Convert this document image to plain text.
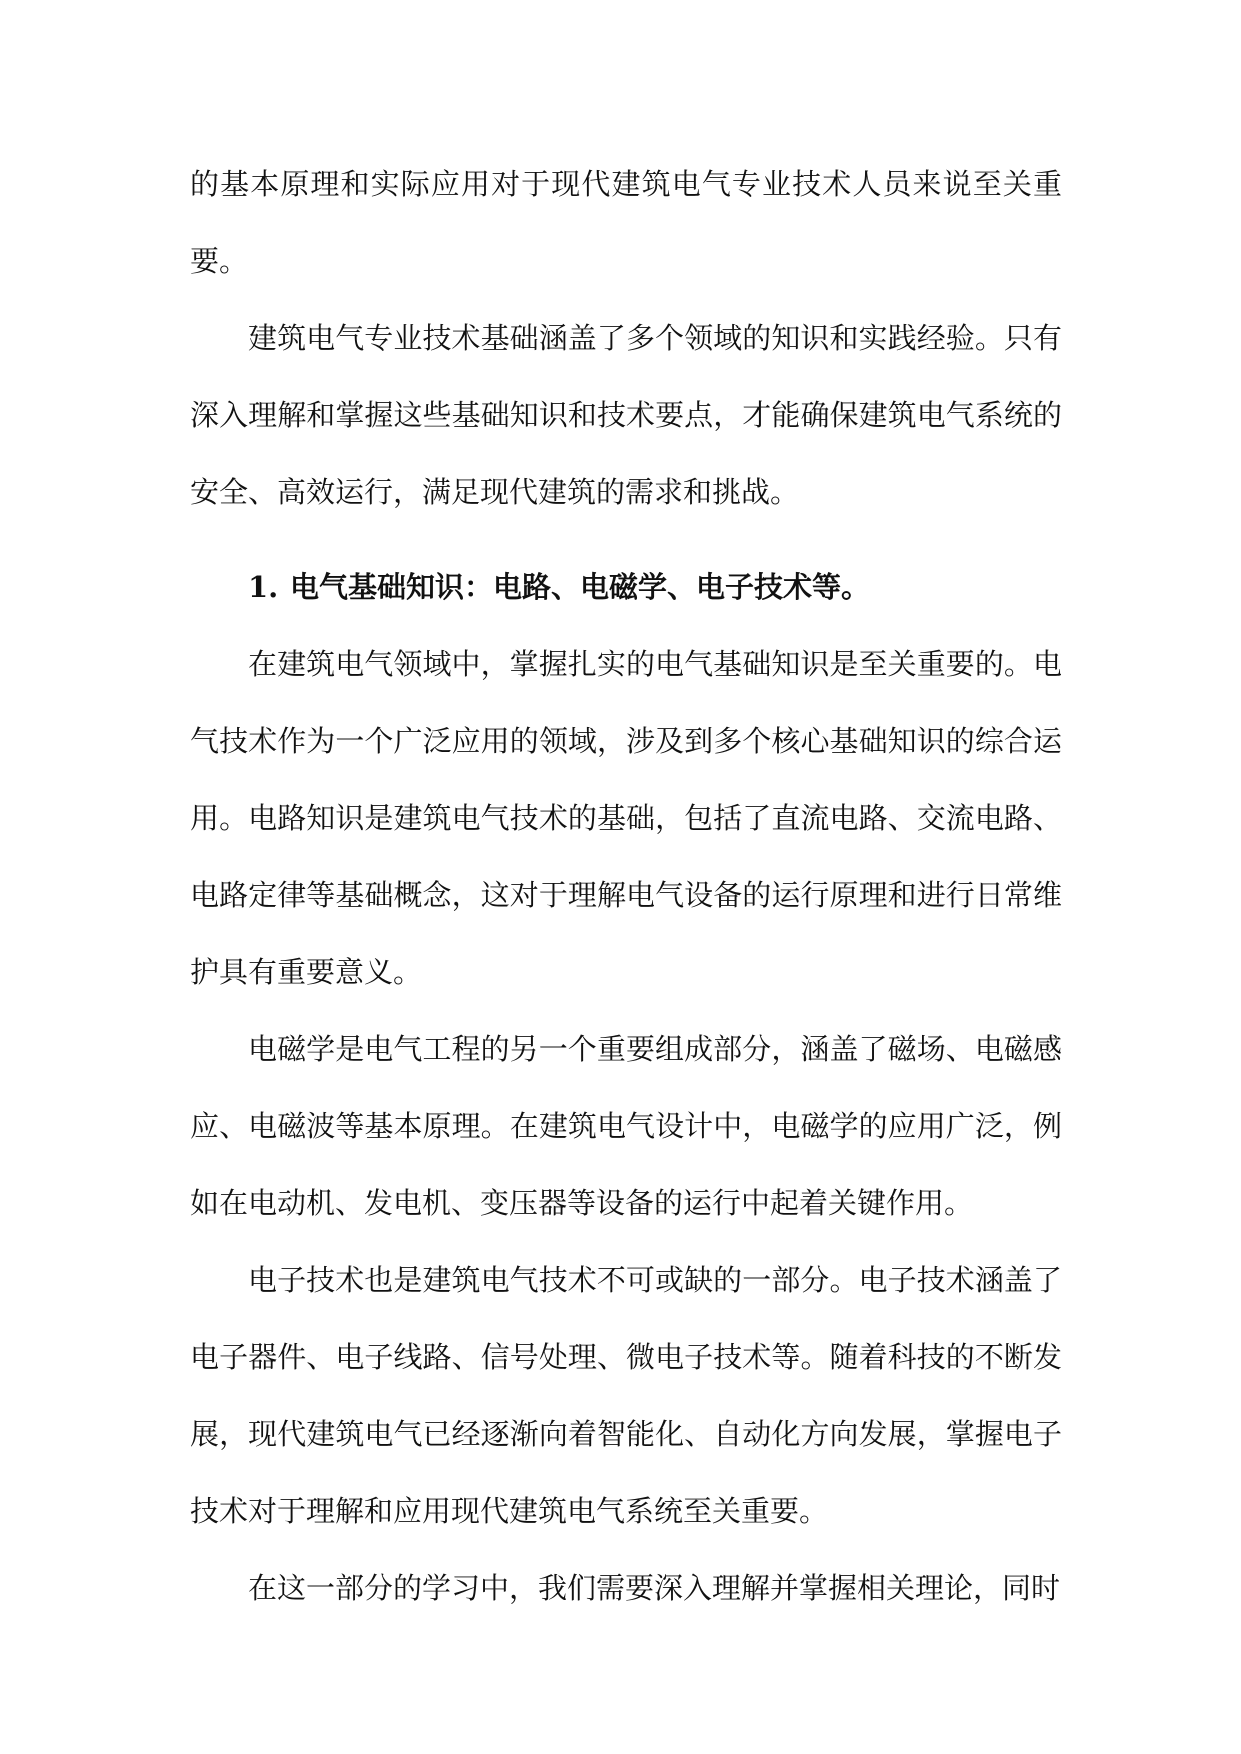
的基本原理和实际应用对于现代建筑电气专业技术人员来说至关重要。

建筑电气专业技术基础涵盖了多个领域的知识和实践经验。只有深入理解和掌握这些基础知识和技术要点，才能确保建筑电气系统的安全、高效运行，满足现代建筑的需求和挑战。

1. 电气基础知识：电路、电磁学、电子技术等。

在建筑电气领域中，掌握扎实的电气基础知识是至关重要的。电气技术作为一个广泛应用的领域，涉及到多个核心基础知识的综合运用。电路知识是建筑电气技术的基础，包括了直流电路、交流电路、电路定律等基础概念，这对于理解电气设备的运行原理和进行日常维护具有重要意义。

电磁学是电气工程的另一个重要组成部分，涵盖了磁场、电磁感应、电磁波等基本原理。在建筑电气设计中，电磁学的应用广泛，例如在电动机、发电机、变压器等设备的运行中起着关键作用。

电子技术也是建筑电气技术不可或缺的一部分。电子技术涵盖了电子器件、电子线路、信号处理、微电子技术等。随着科技的不断发展，现代建筑电气已经逐渐向着智能化、自动化方向发展，掌握电子技术对于理解和应用现代建筑电气系统至关重要。

在这一部分的学习中，我们需要深入理解并掌握相关理论，同时
